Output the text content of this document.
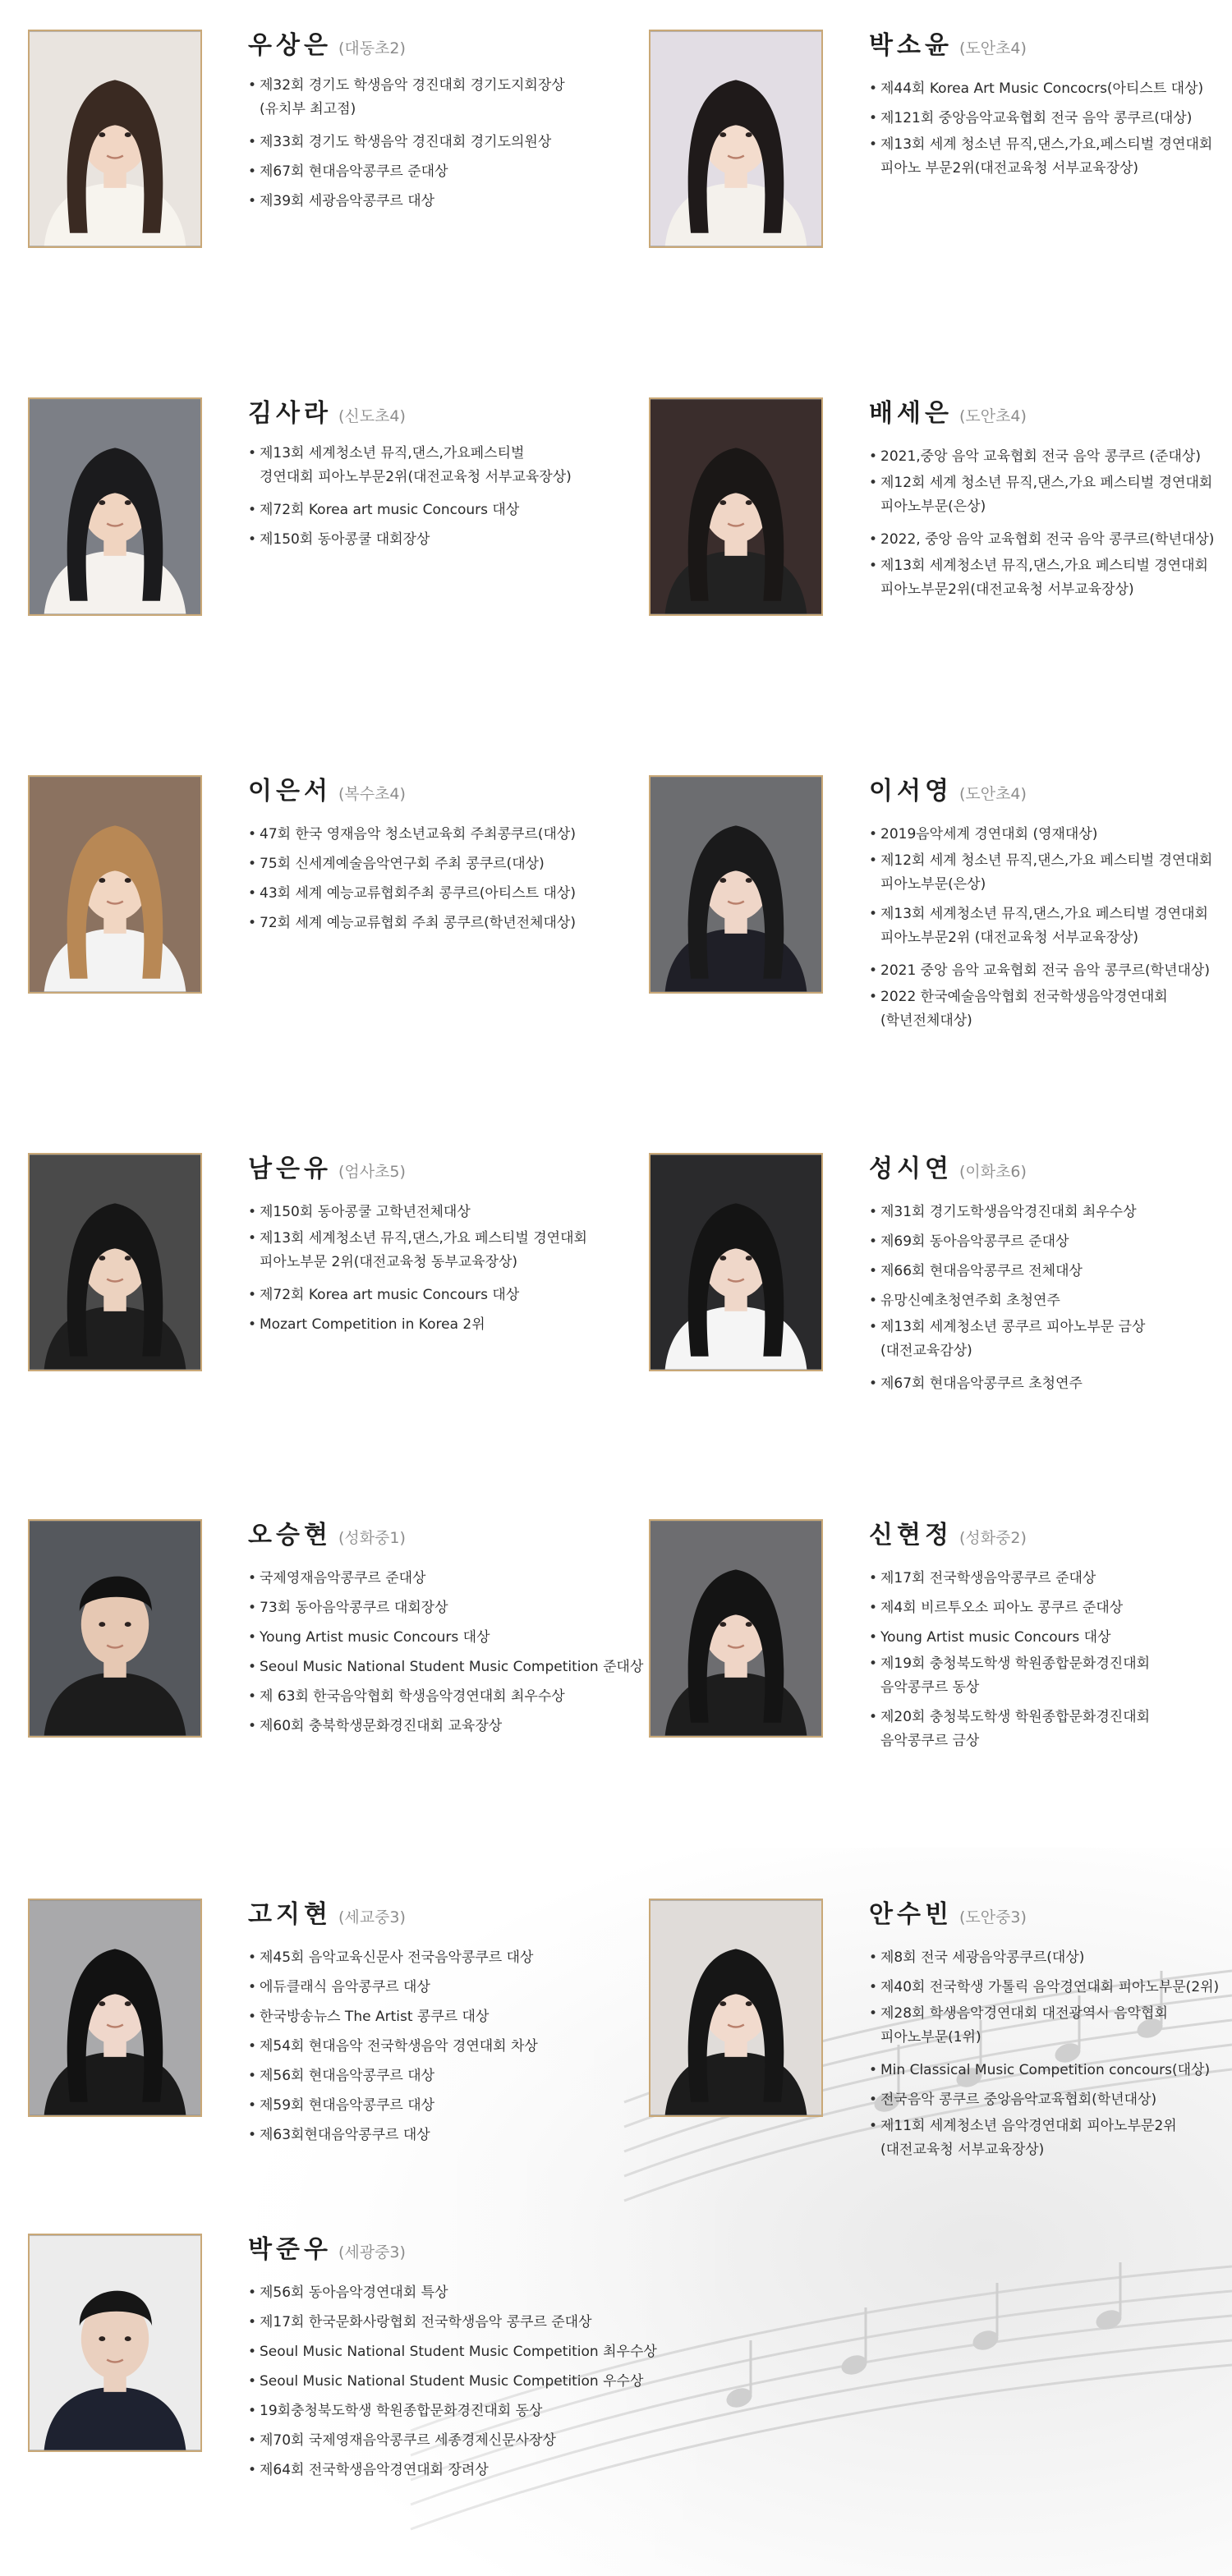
우상은 (대동초2)
• 제32회 경기도 학생음악 경진대회 경기도지회장상
(유치부 최고점)
• 제33회 경기도 학생음악 경진대회 경기도의원상
• 제67회 현대음악콩쿠르 준대상
• 제39회 세광음악콩쿠르 대상
박소윤 (도안초4)
• 제44회 Korea Art Music Concocrs(아티스트 대상)
• 제121회 중앙음악교육협회 전국 음악 콩쿠르(대상)
• 제13회 세계 청소년 뮤직,댄스,가요,페스티벌 경연대회
피아노 부문2위(대전교육청 서부교육장상)
김사라 (신도초4)
• 제13회 세계청소년 뮤직,댄스,가요페스티벌
경연대회 피아노부문2위(대전교육청 서부교육장상)
• 제72회 Korea art music Concours 대상
• 제150회 동아콩쿨 대회장상
배세은 (도안초4)
• 2021,중앙 음악 교육협회 전국 음악 콩쿠르 (준대상)
• 제12회 세계 청소년 뮤직,댄스,가요 페스티벌 경연대회
피아노부문(은상)
• 2022, 중앙 음악 교육협회 전국 음악 콩쿠르(학년대상)
• 제13회 세계청소년 뮤직,댄스,가요 페스티벌 경연대회
피아노부문2위(대전교육청 서부교육장상)
이은서 (복수초4)
• 47회 한국 영재음악 청소년교육회 주최콩쿠르(대상)
• 75회 신세계예술음악연구회 주최 콩쿠르(대상)
• 43회 세계 예능교류협회주최 콩쿠르(아티스트 대상)
• 72회 세계 예능교류협회 주최 콩쿠르(학년전체대상)
이서영 (도안초4)
• 2019음악세계 경연대회 (영재대상)
• 제12회 세계 청소년 뮤직,댄스,가요 페스티벌 경연대회
피아노부문(은상)
• 제13회 세계청소년 뮤직,댄스,가요 페스티벌 경연대회
피아노부문2위 (대전교육청 서부교육장상)
• 2021 중앙 음악 교육협회 전국 음악 콩쿠르(학년대상)
• 2022 한국예술음악협회 전국학생음악경연대회
(학년전체대상)
남은유 (엄사초5)
• 제150회 동아콩쿨 고학년전체대상
• 제13회 세계청소년 뮤직,댄스,가요 페스티벌 경연대회
피아노부문 2위(대전교육청 동부교육장상)
• 제72회 Korea art music Concours 대상
• Mozart Competition in Korea 2위
성시연 (이화초6)
• 제31회 경기도학생음악경진대회 최우수상
• 제69회 동아음악콩쿠르 준대상
• 제66회 현대음악콩쿠르 전체대상
• 유망신예초청연주회 초청연주
• 제13회 세계청소년 콩쿠르 피아노부문 금상
(대전교육감상)
• 제67회 현대음악콩쿠르 초청연주
오승현 (성화중1)
• 국제영재음악콩쿠르 준대상
• 73회 동아음악콩쿠르 대회장상
• Young Artist music Concours 대상
• Seoul Music National Student Music Competition 준대상
• 제 63회 한국음악협회 학생음악경연대회 최우수상
• 제60회 충북학생문화경진대회 교육장상
신현정 (성화중2)
• 제17회 전국학생음악콩쿠르 준대상
• 제4회 비르투오소 피아노 콩쿠르 준대상
• Young Artist music Concours 대상
• 제19회 충청북도학생 학원종합문화경진대회
음악콩쿠르 동상
• 제20회 충청북도학생 학원종합문화경진대회
음악콩쿠르 금상
고지현 (세교중3)
• 제45회 음악교육신문사 전국음악콩쿠르 대상
• 에듀클래식 음악콩쿠르 대상
• 한국방송뉴스 The Artist 콩쿠르 대상
• 제54회 현대음악 전국학생음악 경연대회 차상
• 제56회 현대음악콩쿠르 대상
• 제59회 현대음악콩쿠르 대상
• 제63회현대음악콩쿠르 대상
안수빈 (도안중3)
• 제8회 전국 세광음악콩쿠르(대상)
• 제40회 전국학생 가톨릭 음악경연대회 피아노부문(2위)
• 제28회 학생음악경연대회 대전광역시 음악협회
피아노부문(1위)
• Min Classical Music Competition concours(대상)
• 전국음악 콩쿠르 중앙음악교육협회(학년대상)
• 제11회 세계청소년 음악경연대회 피아노부문2위
(대전교육청 서부교육장상)
박준우 (세광중3)
• 제56회 동아음악경연대회 특상
• 제17회 한국문화사랑협회 전국학생음악 콩쿠르 준대상
• Seoul Music National Student Music Competition 최우수상
• Seoul Music National Student Music Competition 우수상
• 19회충청북도학생 학원종합문화경진대회 동상
• 제70회 국제영재음악콩쿠르 세종경제신문사장상
• 제64회 전국학생음악경연대회 장려상
